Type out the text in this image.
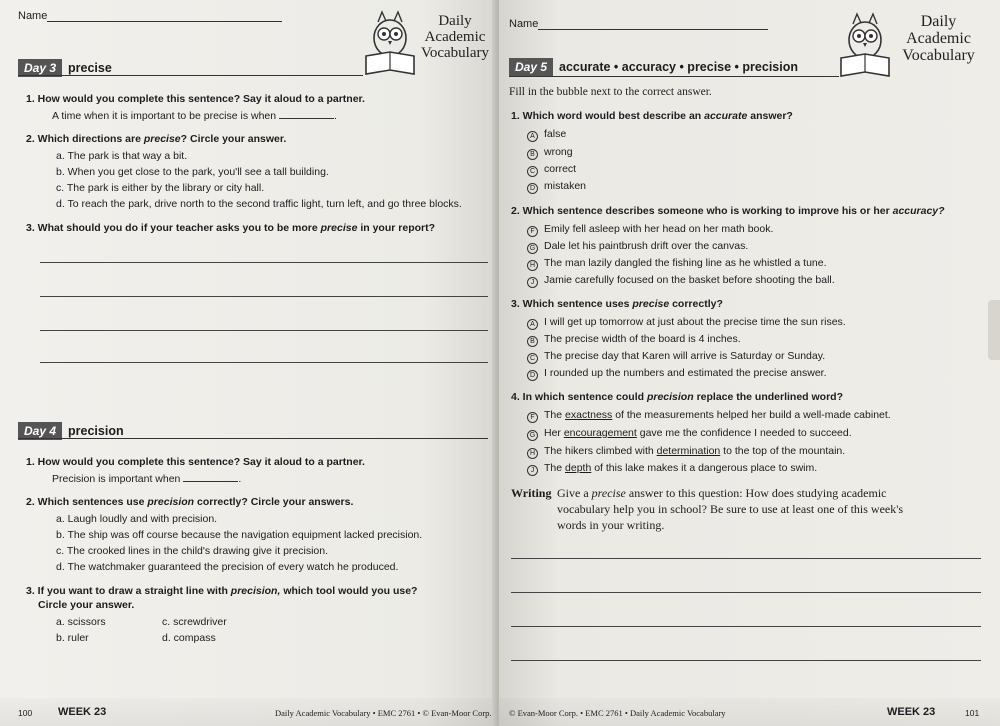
Name	Daily
Academic
Vocabulary
Day 3 precise
1. How would you complete this sentence? Say it aloud to a partner.
A time when it is important to be precise is when	.
2. Which directions are precise? Circle your answer.
a. The park is that way a bit.
b. When you get close to the park, you'll see a tall building.
c. The park is either by the library or city hall.
d. To reach the park, drive north to the second traffic light, turn left, and go three blocks.
3. What should you do if your teacher asks you to be more precise in your report?
Day 4 precision
1. How would you complete this sentence? Say it aloud to a partner.
Precision is important when	.
2. Which sentences use precision correctly? Circle your answers.
a. Laugh loudly and with precision.
b. The ship was off course because the navigation equipment lacked precision.
c. The crooked lines in the child's drawing give it precision.
d. The watchmaker guaranteed the precision of every watch he produced.
3. If you want to draw a straight line with precision, which tool would you use?
Circle your answer.
a. scissors
b. ruler
c. screwdriver
d. compass
100 WEEK 23	Daily Academic Vocabulary • EMC 2761 • © Evan-Moor Corp.
Name	Daily
Academic
Vocabulary
Day 5 accurate • accuracy • precise • precision
Fill in the bubble next to the correct answer.
1. Which word would best describe an accurate answer?
A false
B wrong
C correct
D mistaken
2. Which sentence describes someone who is working to improve his or her accuracy?
F Emily fell asleep with her head on her math book.
G Dale let his paintbrush drift over the canvas.
H The man lazily dangled the fishing line as he whistled a tune.
J Jamie carefully focused on the basket before shooting the ball.
3. Which sentence uses precise correctly?
A I will get up tomorrow at just about the precise time the sun rises.
B The precise width of the board is 4 inches.
C The precise day that Karen will arrive is Saturday or Sunday.
D I rounded up the numbers and estimated the precise answer.
4. In which sentence could precision replace the underlined word?
F The exactness of the measurements helped her build a well-made cabinet.
G Her encouragement gave me the confidence I needed to succeed.
H The hikers climbed with determination to the top of the mountain.
J The depth of this lake makes it a dangerous place to swim.
Writing Give a precise answer to this question: How does studying academic
vocabulary help you in school? Be sure to use at least one of this week's
words in your writing.
© Evan-Moor Corp. • EMC 2761 • Daily Academic Vocabulary	WEEK 23	101
